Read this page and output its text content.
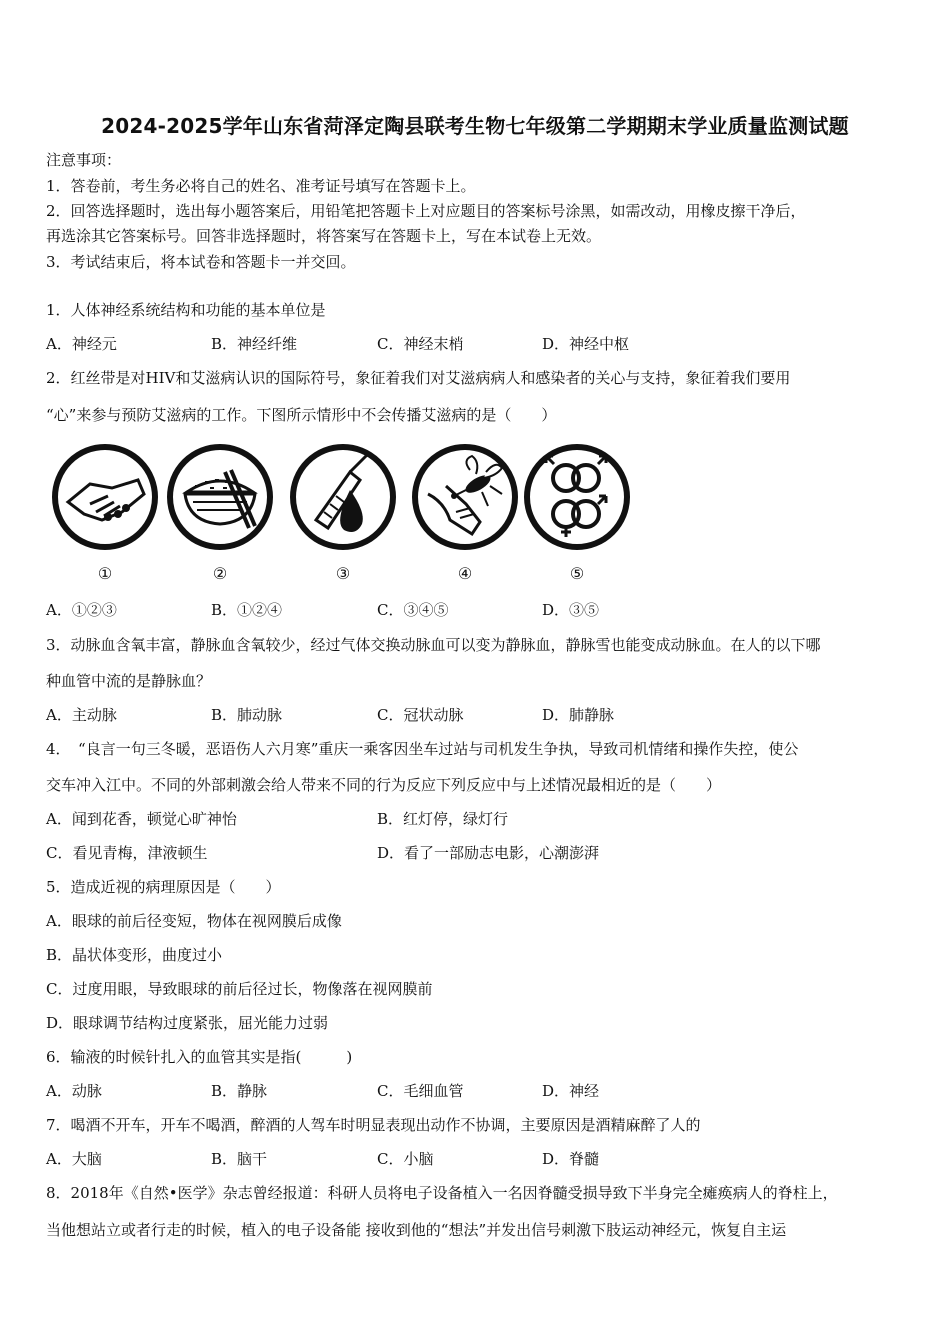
2024-2025学年山东省菏泽定陶县联考生物七年级第二学期期末学业质量监测试题
注意事项：
1．答卷前，考生务必将自己的姓名、准考证号填写在答题卡上。
2．回答选择题时，选出每小题答案后，用铅笔把答题卡上对应题目的答案标号涂黑，如需改动，用橡皮擦干净后，
再选涂其它答案标号。回答非选择题时，将答案写在答题卡上，写在本试卷上无效。
3．考试结束后，将本试卷和答题卡一并交回。
1．人体神经系统结构和功能的基本单位是
A．神经元	B．神经纤维	C．神经末梢	D．神经中枢
2．红丝带是对HIV和艾滋病认识的国际符号，象征着我们对艾滋病病人和感染者的关心与支持，象征着我们要用
“心”来参与预防艾滋病的工作。下图所示情形中不会传播艾滋病的是（　　）
①	②	③	④	⑤
A．①②③	B．①②④	C．③④⑤	D．③⑤
3．动脉血含氧丰富，静脉血含氧较少，经过气体交换动脉血可以变为静脉血，静脉雪也能变成动脉血。在人的以下哪
种血管中流的是静脉血？
A．主动脉	B．肺动脉	C．冠状动脉	D．肺静脉
4．　“良言一句三冬暖，恶语伤人六月寒”重庆一乘客因坐车过站与司机发生争执，导致司机情绪和操作失控，使公
交车冲入江中。不同的外部刺激会给人带来不同的行为反应下列反应中与上述情况最相近的是（　　）
A．闻到花香，顿觉心旷神怡	B．红灯停，绿灯行
C．看见青梅，津液顿生	D．看了一部励志电影，心潮澎湃
5．造成近视的病理原因是（　　）
A．眼球的前后径变短，物体在视网膜后成像
B．晶状体变形，曲度过小
C．过度用眼，导致眼球的前后径过长，物像落在视网膜前
D．眼球调节结构过度紧张，屈光能力过弱
6．输液的时候针扎入的血管其实是指(　　　)
A．动脉	B．静脉	C．毛细血管	D．神经
7．喝酒不开车，开车不喝酒，醉酒的人驾车时明显表现出动作不协调，主要原因是酒精麻醉了人的
A．大脑	B．脑干	C．小脑	D．脊髓
8．2018年《自然•医学》杂志曾经报道：科研人员将电子设备植入一名因脊髓受损导致下半身完全瘫痪病人的脊柱上，
当他想站立或者行走的时候，植入的电子设备能 接收到他的“想法”并发出信号刺激下肢运动神经元，恢复自主运
